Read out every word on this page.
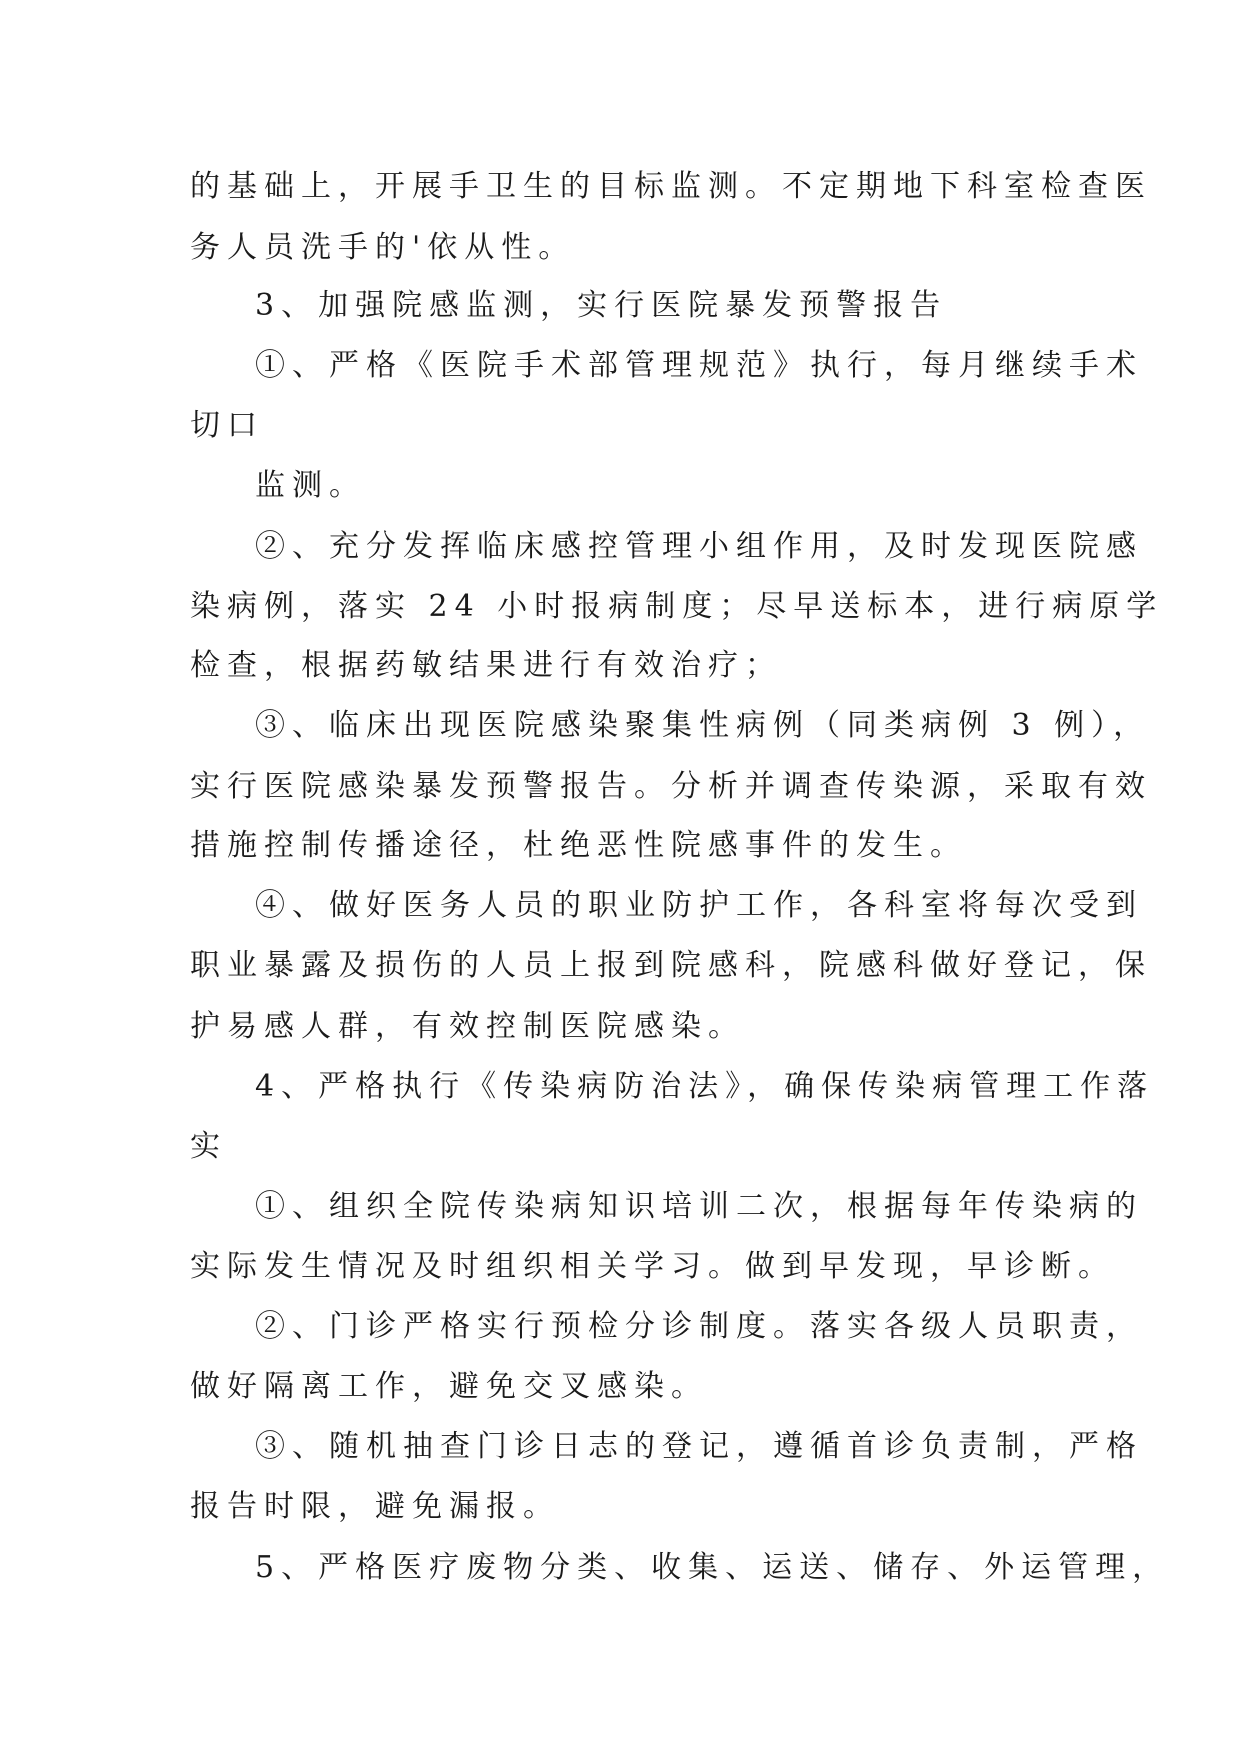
的基础上，开展手卫生的目标监测。不定期地下科室检查医
务人员洗手的'依从性。
3、加强院感监测，实行医院暴发预警报告
①、严格《医院手术部管理规范》执行，每月继续手术
切口
监测。
②、充分发挥临床感控管理小组作用，及时发现医院感
染病例，落实 24 小时报病制度；尽早送标本，进行病原学
检查，根据药敏结果进行有效治疗；
③、临床出现医院感染聚集性病例（同类病例 3 例），
实行医院感染暴发预警报告。分析并调查传染源，采取有效
措施控制传播途径，杜绝恶性院感事件的发生。
④、做好医务人员的职业防护工作，各科室将每次受到
职业暴露及损伤的人员上报到院感科，院感科做好登记，保
护易感人群，有效控制医院感染。
4、严格执行《传染病防治法》，确保传染病管理工作落
实
①、组织全院传染病知识培训二次，根据每年传染病的
实际发生情况及时组织相关学习。做到早发现，早诊断。
②、门诊严格实行预检分诊制度。落实各级人员职责，
做好隔离工作，避免交叉感染。
③、随机抽查门诊日志的登记，遵循首诊负责制，严格
报告时限，避免漏报。
5、严格医疗废物分类、收集、运送、储存、外运管理，
